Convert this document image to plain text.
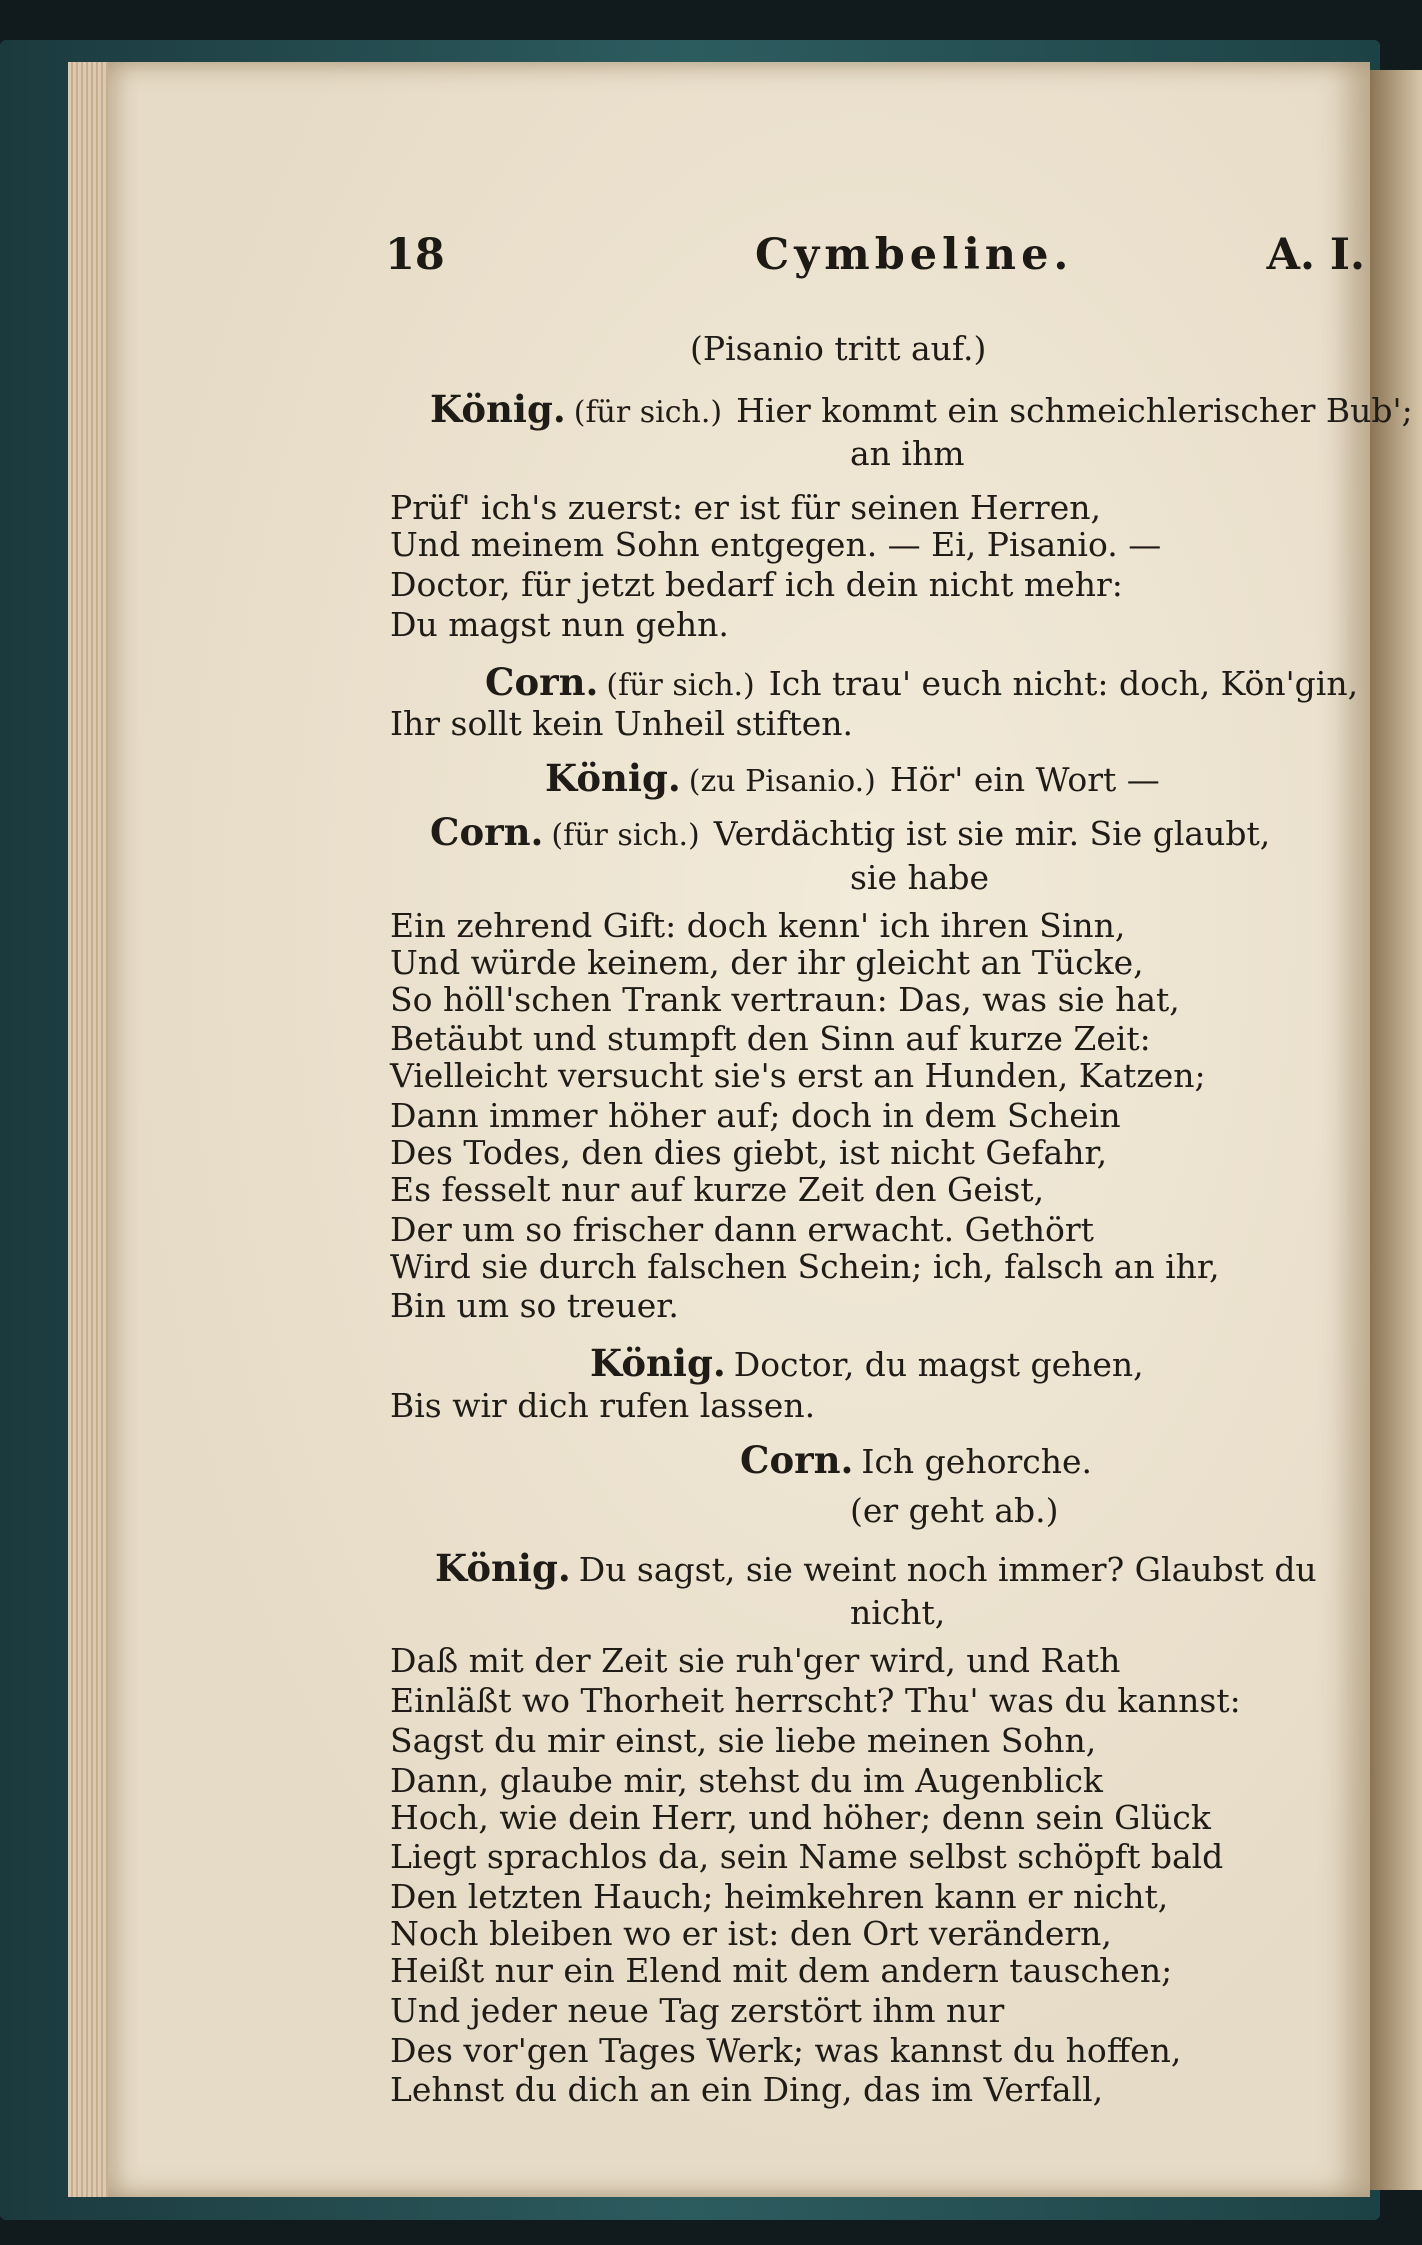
18	Cymbeline.	A. I.
(Pisanio tritt auf.)
König. (für sich.) Hier kommt ein schmeichlerischer Bub';
an ihm
Prüf' ich's zuerst: er ist für seinen Herren,
Und meinem Sohn entgegen. — Ei, Pisanio. —
Doctor, für jetzt bedarf ich dein nicht mehr:
Du magst nun gehn.
Corn. (für sich.) Ich trau' euch nicht: doch, Kön'gin,
Ihr sollt kein Unheil stiften.
König. (zu Pisanio.) Hör' ein Wort —
Corn. (für sich.) Verdächtig ist sie mir. Sie glaubt,
sie habe
Ein zehrend Gift: doch kenn' ich ihren Sinn,
Und würde keinem, der ihr gleicht an Tücke,
So höll'schen Trank vertraun: Das, was sie hat,
Betäubt und stumpft den Sinn auf kurze Zeit:
Vielleicht versucht sie's erst an Hunden, Katzen;
Dann immer höher auf; doch in dem Schein
Des Todes, den dies giebt, ist nicht Gefahr,
Es fesselt nur auf kurze Zeit den Geist,
Der um so frischer dann erwacht. Gethört
Wird sie durch falschen Schein; ich, falsch an ihr,
Bin um so treuer.
König. Doctor, du magst gehen,
Bis wir dich rufen lassen.
Corn. Ich gehorche.
(er geht ab.)
König. Du sagst, sie weint noch immer? Glaubst du
nicht,
Daß mit der Zeit sie ruh'ger wird, und Rath
Einläßt wo Thorheit herrscht? Thu' was du kannst:
Sagst du mir einst, sie liebe meinen Sohn,
Dann, glaube mir, stehst du im Augenblick
Hoch, wie dein Herr, und höher; denn sein Glück
Liegt sprachlos da, sein Name selbst schöpft bald
Den letzten Hauch; heimkehren kann er nicht,
Noch bleiben wo er ist: den Ort verändern,
Heißt nur ein Elend mit dem andern tauschen;
Und jeder neue Tag zerstört ihm nur
Des vor'gen Tages Werk; was kannst du hoffen,
Lehnst du dich an ein Ding, das im Verfall,
